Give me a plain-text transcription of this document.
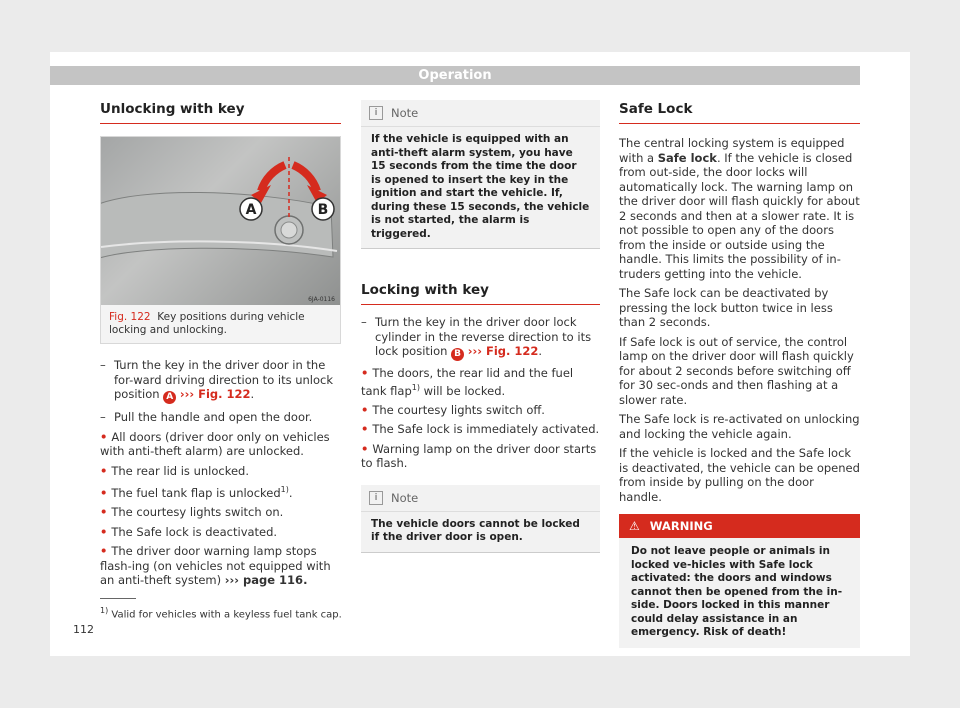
Operation
Unlocking with key
A	B
6JA-0116
Fig. 122 Key positions during vehicle locking and unlocking.
– Turn the key in the driver door in the for-ward driving direction to its unlock position A ››› Fig. 122.
– Pull the handle and open the door.
• All doors (driver door only on vehicles with anti-theft alarm) are unlocked.
• The rear lid is unlocked.
• The fuel tank flap is unlocked$^{1)}$.
• The courtesy lights switch on.
• The Safe lock is deactivated.
• The driver door warning lamp stops flash-ing (on vehicles not equipped with an anti-theft system) ››› page 116.
i	Note
If the vehicle is equipped with an anti-theft alarm system, you have 15 seconds from the time the door is opened to insert the key in the ignition and start the vehicle. If, during these 15 seconds, the vehicle is not started, the alarm is triggered.
Locking with key
– Turn the key in the driver door lock cylinder in the reverse direction to its lock position B ››› Fig. 122.
• The doors, the rear lid and the fuel tank flap$^{1)}$ will be locked.
• The courtesy lights switch off.
• The Safe lock is immediately activated.
• Warning lamp on the driver door starts to flash.
i	Note
The vehicle doors cannot be locked if the driver door is open.
Safe Lock

The central locking system is equipped with a Safe lock. If the vehicle is closed from out-side, the door locks will automatically lock. The warning lamp on the driver door will flash quickly for about 2 seconds and then at a slower rate. It is not possible to open any of the doors from the inside or outside using the handle. This limits the possibility of in-truders getting into the vehicle.

The Safe lock can be deactivated by pressing the lock button twice in less than 2 seconds.

If Safe lock is out of service, the control lamp on the driver door will flash quickly for about 2 seconds before switching off for 30 sec-onds and then flashing at a slower rate.

The Safe lock is re-activated on unlocking and locking the vehicle again.

If the vehicle is locked and the Safe lock is deactivated, the vehicle can be opened from inside by pulling on the door handle.

⚠ WARNING
Do not leave people or animals in locked ve-hicles with Safe lock activated: the doors and windows cannot then be opened from the in-side. Doors locked in this manner could delay assistance in an emergency. Risk of death!
$^{1)}$ Valid for vehicles with a keyless fuel tank cap.
112
